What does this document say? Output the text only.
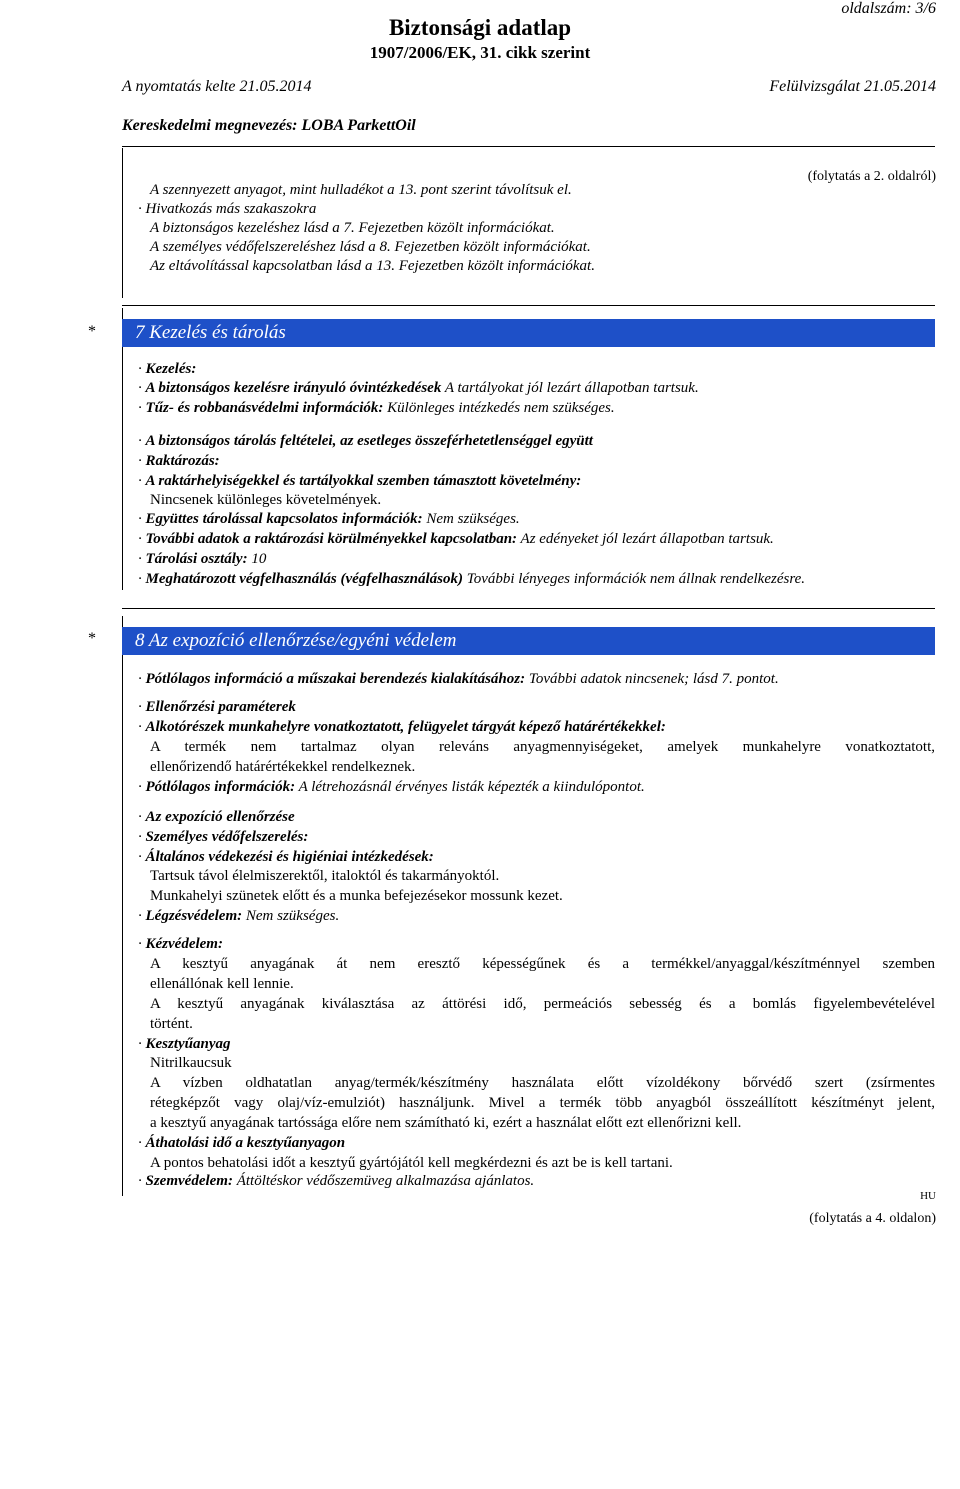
oldalszám: 3/6
Biztonsági adatlap
1907/2006/EK, 31. cikk szerint
A nyomtatás kelte 21.05.2014	Felülvizsgálat 21.05.2014
Kereskedelmi megnevezés: LOBA ParkettOil
(folytatás a 2. oldalról)
A szennyezett anyagot, mint hulladékot a 13. pont szerint távolítsuk el.
· Hivatkozás más szakaszokra
A biztonságos kezeléshez lásd a 7. Fejezetben közölt információkat.
A személyes védőfelszereléshez lásd a 8. Fejezetben közölt információkat.
Az eltávolítással kapcsolatban lásd a 13. Fejezetben közölt információkat.
* 7 Kezelés és tárolás
· Kezelés:
· A biztonságos kezelésre irányuló óvintézkedések A tartályokat jól lezárt állapotban tartsuk.
· Tűz- és robbanásvédelmi információk: Különleges intézkedés nem szükséges.
· A biztonságos tárolás feltételei, az esetleges összeférhetetlenséggel együtt
· Raktározás:
· A raktárhelyiségekkel és tartályokkal szemben támasztott követelmény:
Nincsenek különleges követelmények.
· Együttes tárolással kapcsolatos információk: Nem szükséges.
· További adatok a raktározási körülményekkel kapcsolatban: Az edényeket jól lezárt állapotban tartsuk.
· Tárolási osztály: 10
· Meghatározott végfelhasználás (végfelhasználások) További lényeges információk nem állnak rendelkezésre.
* 8 Az expozíció ellenőrzése/egyéni védelem
· Pótlólagos információ a műszakai berendezés kialakításához: További adatok nincsenek; lásd 7. pontot.
· Ellenőrzési paraméterek
· Alkotórészek munkahelyre vonatkoztatott, felügyelet tárgyát képező határértékekkel:
A termék nem tartalmaz olyan releváns anyagmennyiségeket, amelyek munkahelyre vonatkoztatott,
ellenőrizendő határértékekkel rendelkeznek.
· Pótlólagos információk: A létrehozásnál érvényes listák képezték a kiindulópontot.
· Az expozíció ellenőrzése
· Személyes védőfelszerelés:
· Általános védekezési és higiéniai intézkedések:
Tartsuk távol élelmiszerektől, italoktól és takarmányoktól.
Munkahelyi szünetek előtt és a munka befejezésekor mossunk kezet.
· Légzésvédelem: Nem szükséges.
· Kézvédelem:
A kesztyű anyagának át nem eresztő képességűnek és a termékkel/anyaggal/készítménnyel szemben
ellenállónak kell lennie.
A kesztyű anyagának kiválasztása az áttörési idő, permeációs sebesség és a bomlás figyelembevételével
történt.
· Kesztyűanyag
Nitrilkaucsuk
A vízben oldhatatlan anyag/termék/készítmény használata előtt vízoldékony bőrvédő szert (zsírmentes
rétegképzőt vagy olaj/víz-emulziót) használjunk. Mivel a termék több anyagból összeállított készítményt jelent,
a kesztyű anyagának tartóssága előre nem számítható ki, ezért a használat előtt ezt ellenőrizni kell.
· Áthatolási idő a kesztyűanyagon
A pontos behatolási időt a kesztyű gyártójától kell megkérdezni és azt be is kell tartani.
· Szemvédelem: Áttöltéskor védőszemüveg alkalmazása ajánlatos.
HU
(folytatás a 4. oldalon)
